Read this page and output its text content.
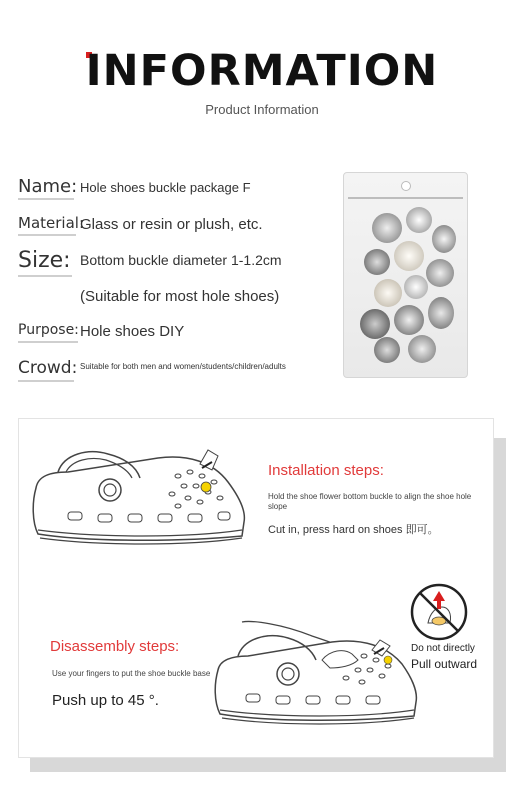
INFORMATION
Product Information
Name: Hole shoes buckle package F
Material:
Glass or resin or plush, etc.
Size: Bottom buckle diameter 1-1.2cm
(Suitable for most hole shoes)
Purpose: Hole shoes DIY
Crowd: Suitable for both men and women/students/children/adults
Installation steps:
Hold the shoe flower bottom buckle to align the shoe hole slope
Cut in, press hard on shoes 即可。
Do not directly
Pull outward
Disassembly steps:
Use your fingers to put the shoe buckle base
Push up to 45 °.
